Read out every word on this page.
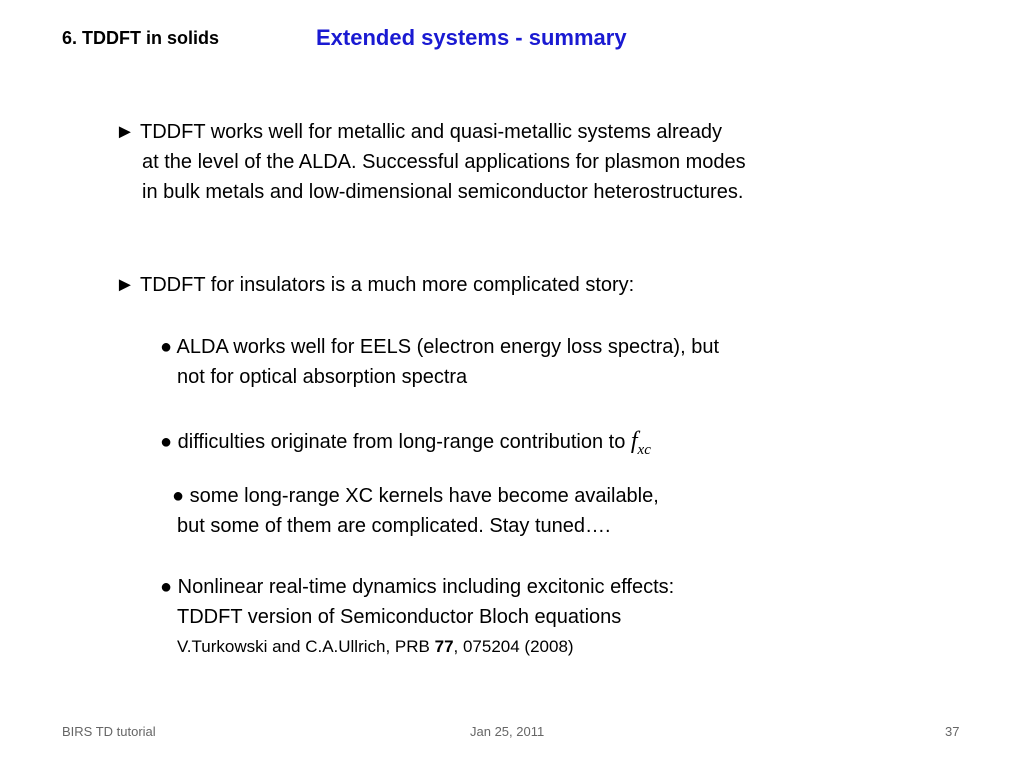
6. TDDFT in solids	Extended systems - summary
► TDDFT works well for metallic and quasi-metallic systems already
at the level of the ALDA. Successful applications for plasmon modes
in bulk metals and low-dimensional semiconductor heterostructures.
► TDDFT for insulators is a much more complicated story:
● ALDA works well for EELS (electron energy loss spectra), but
not for optical absorption spectra
● difficulties originate from long-range contribution to $f_{xc}$
● some long-range XC kernels have become available,
but some of them are complicated. Stay tuned….
● Nonlinear real-time dynamics including excitonic effects:
TDDFT version of Semiconductor Bloch equations
V.Turkowski and C.A.Ullrich, PRB 77, 075204 (2008)
BIRS TD tutorial	Jan 25, 2011	37
